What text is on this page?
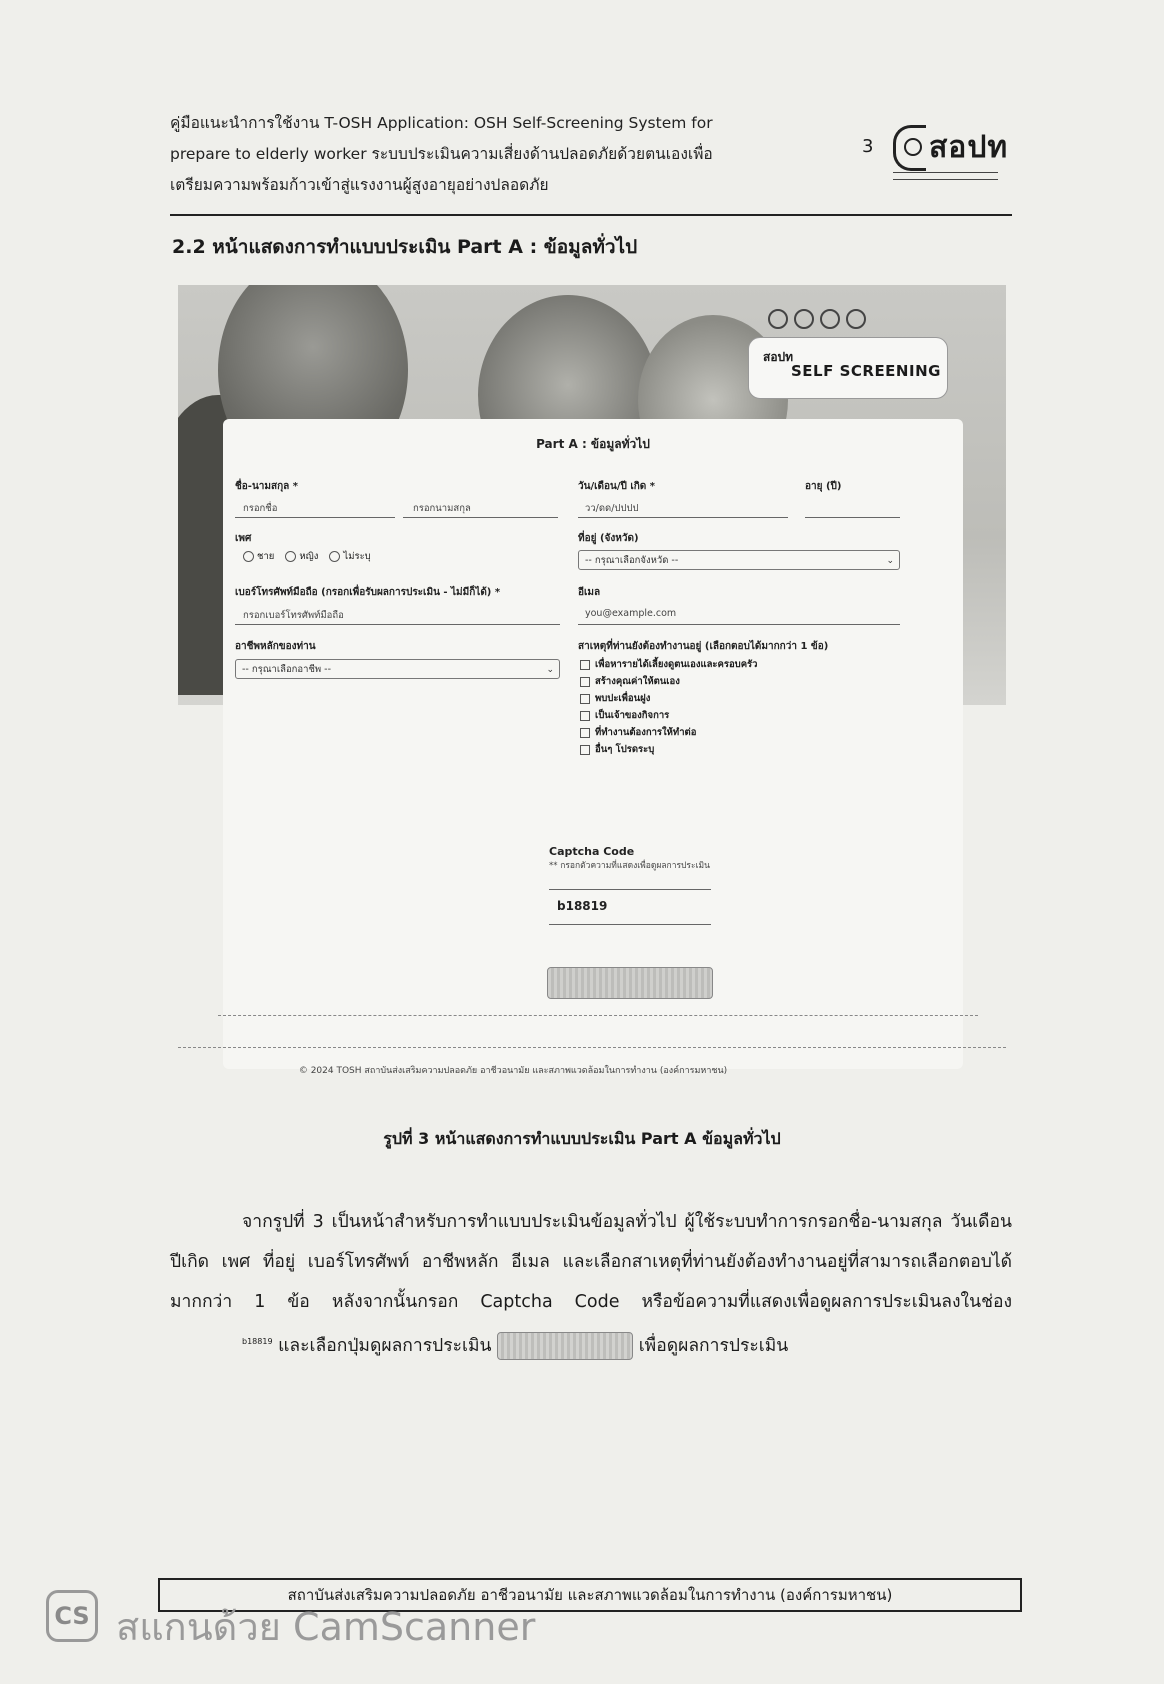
คู่มือแนะนำการใช้งาน T-OSH Application: OSH Self-Screening System for
prepare to elderly worker ระบบประเมินความเสี่ยงด้านปลอดภัยด้วยตนเองเพื่อ
เตรียมความพร้อมก้าวเข้าสู่แรงงานผู้สูงอายุอย่างปลอดภัย
3 สอปท
2.2 หน้าแสดงการทำแบบประเมิน Part A : ข้อมูลทั่วไป
สอปท
SELF SCREENING
Part A : ข้อมูลทั่วไป
ชื่อ-นามสกุล *
กรอกชื่อ	กรอกนามสกุล
วัน/เดือน/ปี เกิด *
วว/ดด/ปปปป
อายุ (ปี)
เพศ
ชาย	หญิง	ไม่ระบุ
ที่อยู่ (จังหวัด)
-- กรุณาเลือกจังหวัด --	⌄
เบอร์โทรศัพท์มือถือ (กรอกเพื่อรับผลการประเมิน - ไม่มีก็ได้) *
กรอกเบอร์โทรศัพท์มือถือ
อีเมล
you@example.com
อาชีพหลักของท่าน
-- กรุณาเลือกอาชีพ --	⌄
สาเหตุที่ท่านยังต้องทำงานอยู่ (เลือกตอบได้มากกว่า 1 ข้อ)
เพื่อหารายได้เลี้ยงดูตนเองและครอบครัว
สร้างคุณค่าให้ตนเอง
พบปะเพื่อนฝูง
เป็นเจ้าของกิจการ
ที่ทำงานต้องการให้ทำต่อ
อื่นๆ โปรดระบุ
Captcha Code
** กรอกตัวความที่แสดงเพื่อดูผลการประเมิน
b18819
© 2024 TOSH สถาบันส่งเสริมความปลอดภัย อาชีวอนามัย และสภาพแวดล้อมในการทำงาน (องค์การมหาชน)
รูปที่ 3 หน้าแสดงการทำแบบประเมิน Part A ข้อมูลทั่วไป

จากรูปที่ 3 เป็นหน้าสำหรับการทำแบบประเมินข้อมูลทั่วไป ผู้ใช้ระบบทำการกรอกชื่อ-นามสกุล วันเดือนปีเกิด เพศ ที่อยู่ เบอร์โทรศัพท์ อาชีพหลัก อีเมล และเลือกสาเหตุที่ท่านยังต้องทำงานอยู่ที่สามารถเลือกตอบได้มากกว่า 1 ข้อ หลังจากนั้นกรอก Captcha Code หรือข้อความที่แสดงเพื่อดูผลการประเมินลงในช่อง b18819 และเลือกปุ่มดูผลการประเมิน	เพื่อดูผลการประเมิน

สถาบันส่งเสริมความปลอดภัย อาชีวอนามัย และสภาพแวดล้อมในการทำงาน (องค์การมหาชน)
CS สแกนด้วย CamScanner
